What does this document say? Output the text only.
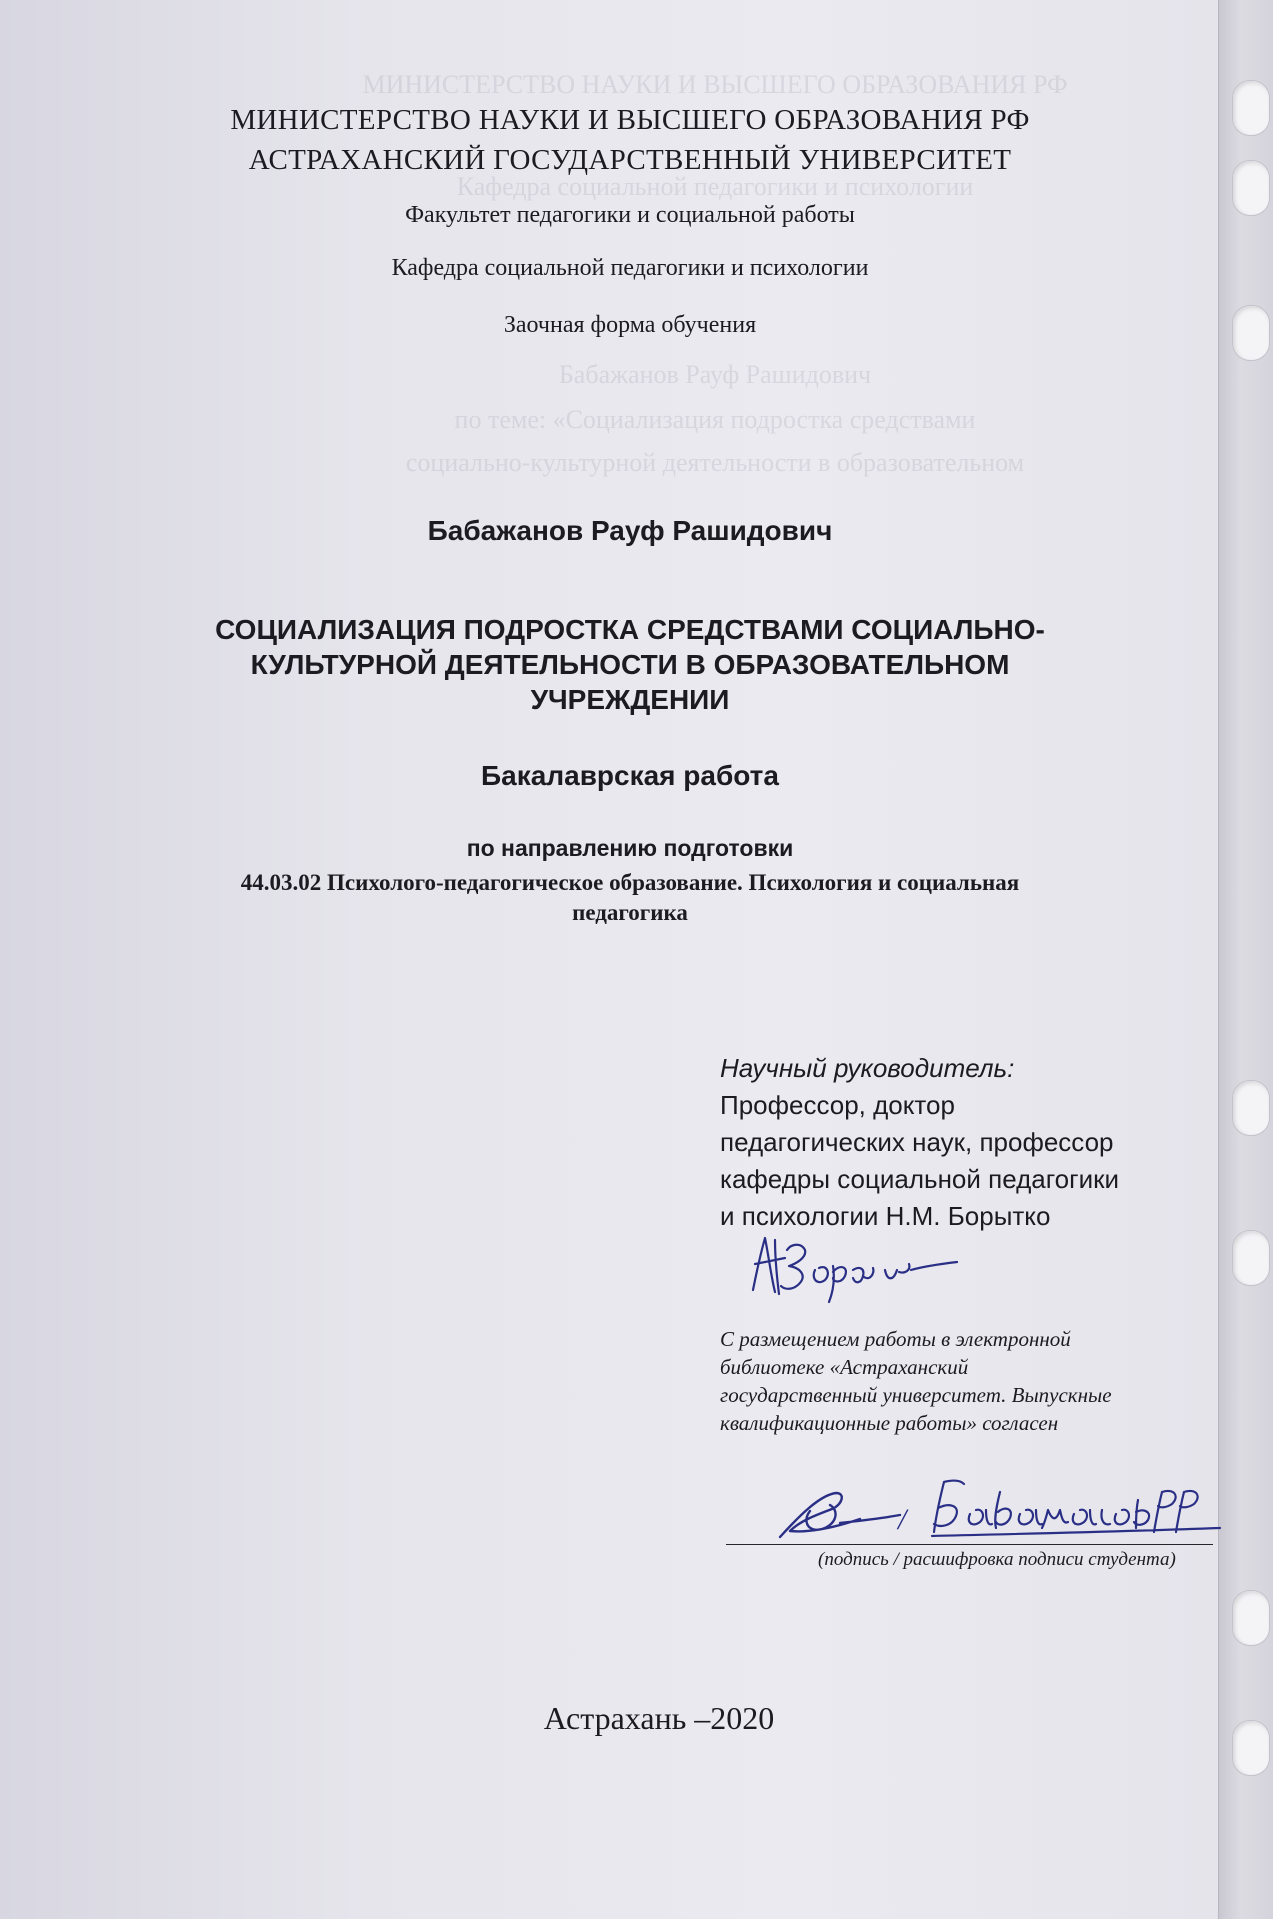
МИНИСТЕРСТВО НАУКИ И ВЫСШЕГО ОБРАЗОВАНИЯ РФ
Кафедра социальной педагогики и психологии
Бабажанов Рауф Рашидович
по теме: «Социализация подростка средствами
социально-культурной деятельности в образовательном

МИНИСТЕРСТВО НАУКИ И ВЫСШЕГО ОБРАЗОВАНИЯ РФ

АСТРАХАНСКИЙ ГОСУДАРСТВЕННЫЙ УНИВЕРСИТЕТ

Факультет педагогики и социальной работы
Кафедра социальной педагогики и психологии
Заочная форма обучения
Бабажанов Рауф Рашидович

СОЦИАЛИЗАЦИЯ ПОДРОСТКА СРЕДСТВАМИ СОЦИАЛЬНО-

КУЛЬТУРНОЙ ДЕЯТЕЛЬНОСТИ В ОБРАЗОВАТЕЛЬНОМ

УЧРЕЖДЕНИИ

Бакалаврская работа
по направлению подготовки

44.03.02 Психолого-педагогическое образование. Психология и социальная

педагогика

Научный руководитель:
Профессор, доктор
педагогических наук, профессор
кафедры социальной педагогики
и психологии Н.М. Борытко
С размещением работы в электронной
библиотеке «Астраханский
государственный университет. Выпускные
квалификационные работы» согласен
/
(подпись / расшифровка подписи студента)
Астрахань –2020
